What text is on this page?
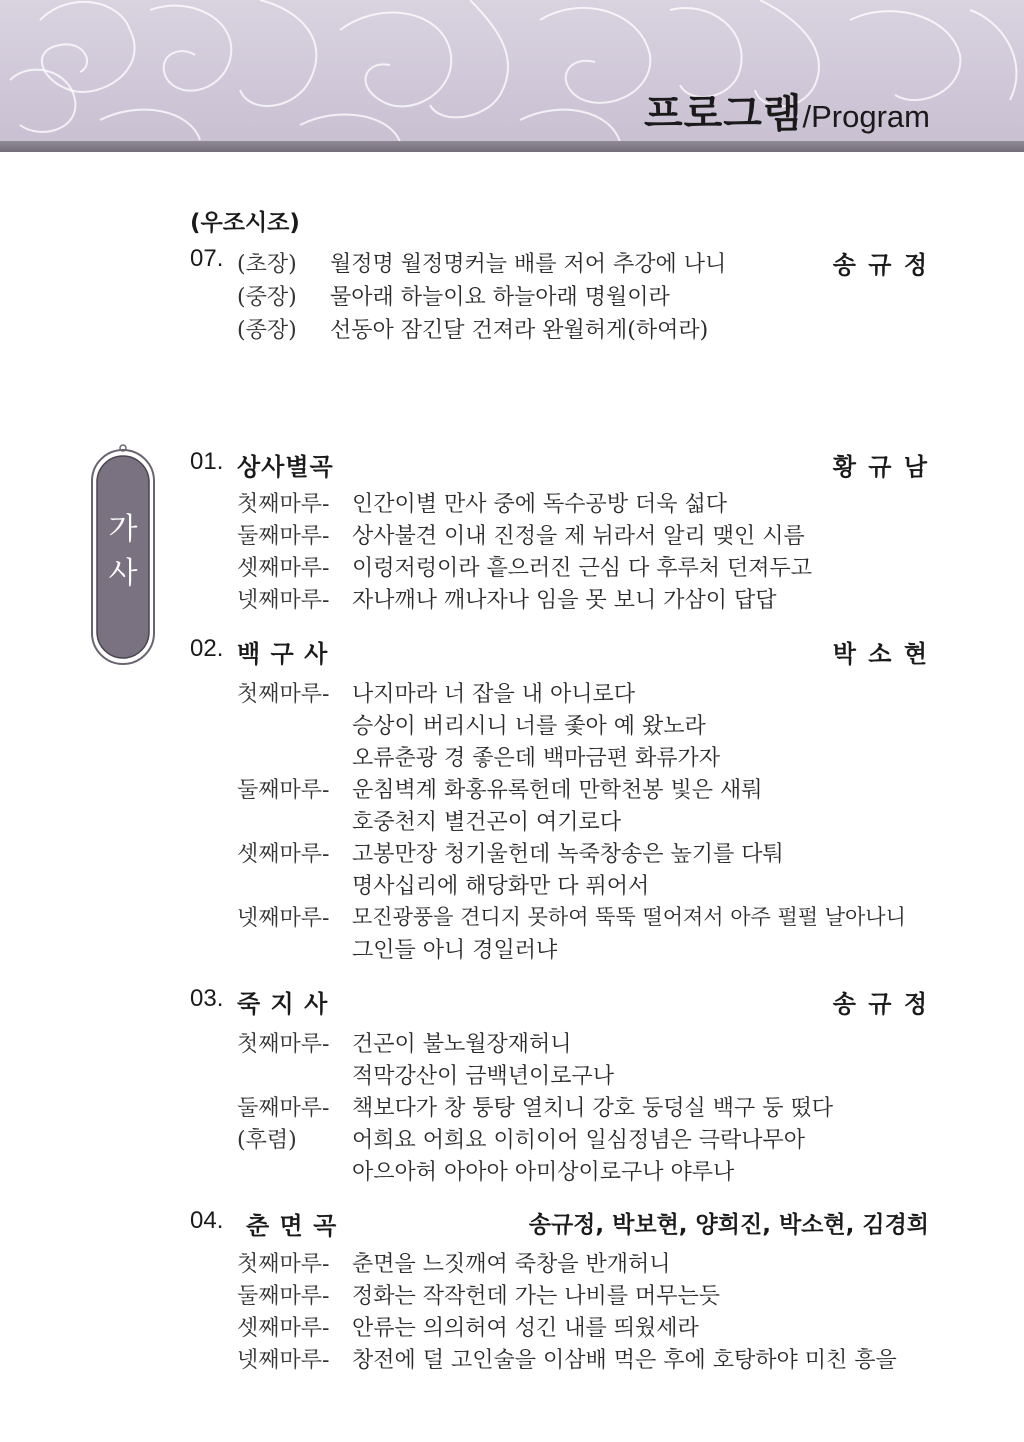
프로그램 /Program
가
사
(우조시조)
07.	송 규 정
(초장) 월정명 월정명커늘 배를 저어 추강에 나니
(중장) 물아래 하늘이요 하늘아래 명월이라
(종장) 선동아 잠긴달 건져라 완월허게(하여라)
01. 상사별곡	황 규 남
첫째마루- 인간이별 만사 중에 독수공방 더욱 섧다
둘째마루- 상사불견 이내 진정을 제 뉘라서 알리 맺인 시름
셋째마루- 이렁저렁이라 흩으러진 근심 다 후루처 던져두고
넷째마루- 자나깨나 깨나자나 임을 못 보니 가삼이 답답
02. 백 구 사	박 소 현
첫째마루- 나지마라 너 잡을 내 아니로다
승상이 버리시니 너를 좇아 예 왔노라
오류춘광 경 좋은데 백마금편 화류가자
둘째마루- 운침벽계 화홍유록헌데 만학천봉 빛은 새뤄
호중천지 별건곤이 여기로다
셋째마루- 고봉만장 청기울헌데 녹죽창송은 높기를 다퉈
명사십리에 해당화만 다 퓌어서
넷째마루- 모진광풍을 견디지 못하여 뚝뚝 떨어져서 아주 펄펄 날아나니
그인들 아니 경일러냐
03. 죽 지 사	송 규 정
첫째마루- 건곤이 불노월장재허니
적막강산이 금백년이로구나
둘째마루- 책보다가 창 퉁탕 열치니 강호 둥덩실 백구 둥 떴다
(후렴)	어희요 어희요 이히이어 일심정념은 극락나무아
아으아허 아아아 아미상이로구나 야루나
04. 춘 면 곡	송규정, 박보현, 양희진, 박소현, 김경희
첫째마루- 춘면을 느짓깨여 죽창을 반개허니
둘째마루- 정화는 작작헌데 가는 나비를 머무는듯
셋째마루- 안류는 의의허여 성긴 내를 띄웠세라
넷째마루- 창전에 덜 고인술을 이삼배 먹은 후에 호탕하야 미친 흥을
